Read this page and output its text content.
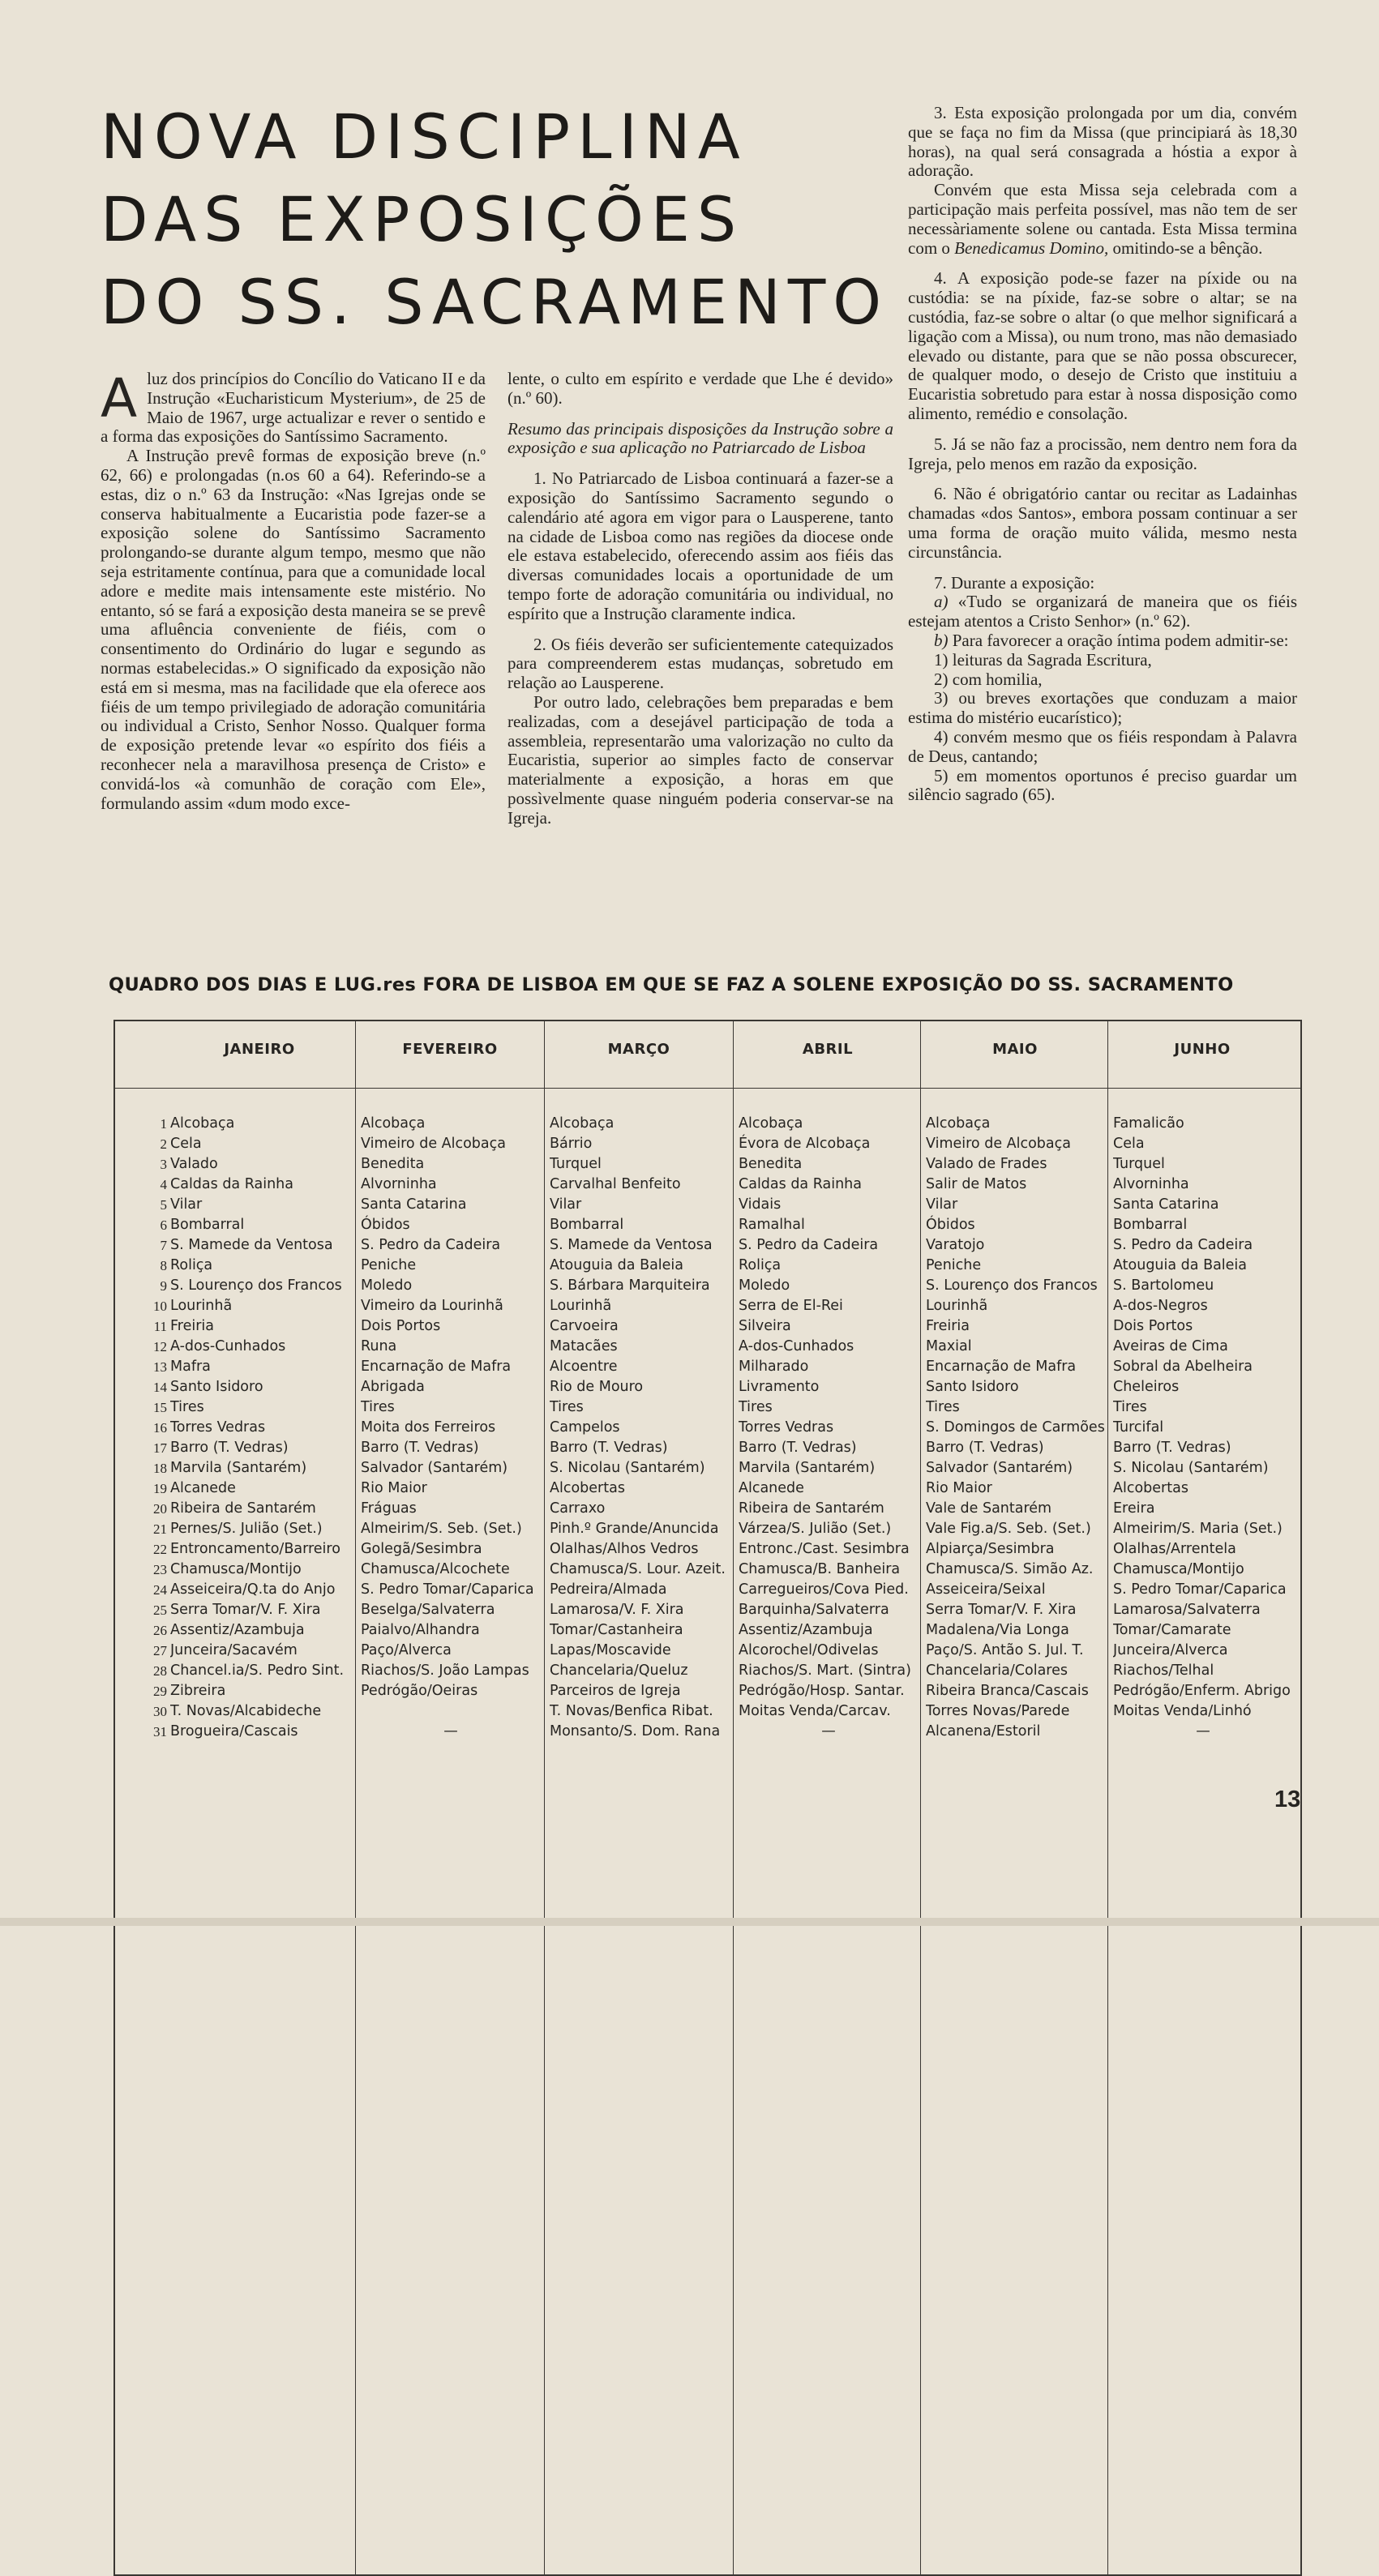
NOVA DISCIPLINA
DAS EXPOSIÇÕES
DO SS. SACRAMENTO
A luz dos princípios do Concílio do Vaticano II e da Instrução «Eucharisticum Mysterium», de 25 de Maio de 1967, urge actualizar e rever o sentido e a forma das exposições do Santíssimo Sacramento.

A Instrução prevê formas de exposição breve (n.º 62, 66) e prolongadas (n.os 60 a 64). Referindo-se a estas, diz o n.º 63 da Instrução: «Nas Igrejas onde se conserva habitualmente a Eucaristia pode fazer-se a exposição solene do Santíssimo Sacramento prolongando-se durante algum tempo, mesmo que não seja estritamente contínua, para que a comunidade local adore e medite mais intensamente este mistério. No entanto, só se fará a exposição desta maneira se se prevê uma afluência conveniente de fiéis, com o consentimento do Ordinário do lugar e segundo as normas estabelecidas.» O significado da exposição não está em si mesma, mas na facilidade que ela oferece aos fiéis de um tempo privilegiado de adoração comunitária ou individual a Cristo, Senhor Nosso. Qualquer forma de exposição pretende levar «o espírito dos fiéis a reconhecer nela a maravilhosa presença de Cristo» e convidá-los «à comunhão de coração com Ele», formulando assim «dum modo exce-

lente, o culto em espírito e verdade que Lhe é devido» (n.º 60).

Resumo das principais disposições da Instrução sobre a exposição e sua aplicação no Patriarcado de Lisboa

1. No Patriarcado de Lisboa continuará a fazer-se a exposição do Santíssimo Sacramento segundo o calendário até agora em vigor para o Lausperene, tanto na cidade de Lisboa como nas regiões da diocese onde ele estava estabelecido, oferecendo assim aos fiéis das diversas comunidades locais a oportunidade de um tempo forte de adoração comunitária ou individual, no espírito que a Instrução claramente indica.

2. Os fiéis deverão ser suficientemente catequizados para compreenderem estas mudanças, sobretudo em relação ao Lausperene.

Por outro lado, celebrações bem preparadas e bem realizadas, com a desejável participação de toda a assembleia, representarão uma valorização no culto da Eucaristia, superior ao simples facto de conservar materialmente a exposição, a horas em que possìvelmente quase ninguém poderia conservar-se na Igreja.

3. Esta exposição prolongada por um dia, convém que se faça no fim da Missa (que principiará às 18,30 horas), na qual será consagrada a hóstia a expor à adoração.

Convém que esta Missa seja celebrada com a participação mais perfeita possível, mas não tem de ser necessàriamente solene ou cantada. Esta Missa termina com o Benedicamus Domino, omitindo-se a bênção.

4. A exposição pode-se fazer na píxide ou na custódia: se na píxide, faz-se sobre o altar; se na custódia, faz-se sobre o altar (o que melhor significará a ligação com a Missa), ou num trono, mas não demasiado elevado ou distante, para que se não possa obscurecer, de qualquer modo, o desejo de Cristo que instituiu a Eucaristia sobretudo para estar à nossa disposição como alimento, remédio e consolação.

5. Já se não faz a procissão, nem dentro nem fora da Igreja, pelo menos em razão da exposição.

6. Não é obrigatório cantar ou recitar as Ladainhas chamadas «dos Santos», embora possam continuar a ser uma forma de oração muito válida, mesmo nesta circunstância.

7. Durante a exposição:

a) «Tudo se organizará de maneira que os fiéis estejam atentos a Cristo Senhor» (n.º 62).

b) Para favorecer a oração íntima podem admitir-se:

1) leituras da Sagrada Escritura,

2) com homilia,

3) ou breves exortações que conduzam a maior estima do mistério eucarístico);

4) convém mesmo que os fiéis respondam à Palavra de Deus, cantando;

5) em momentos oportunos é preciso guardar um silêncio sagrado (65).

QUADRO DOS DIAS E LUG.res FORA DE LISBOA EM QUE SE FAZ A SOLENE EXPOSIÇÃO DO SS. SACRAMENTO
1
2
3
4
5
6
7
8
9
10
11
12
13
14
15
16
17
18
19
20
21
22
23
24
25
26
27
28
29
30
31
JANEIRO
Alcobaça
Cela
Valado
Caldas da Rainha
Vilar
Bombarral
S. Mamede da Ventosa
Roliça
S. Lourenço dos Francos
Lourinhã
Freiria
A-dos-Cunhados
Mafra
Santo Isidoro
Tires
Torres Vedras
Barro (T. Vedras)
Marvila (Santarém)
Alcanede
Ribeira de Santarém
Pernes/S. Julião (Set.)
Entroncamento/Barreiro
Chamusca/Montijo
Asseiceira/Q.ta do Anjo
Serra Tomar/V. F. Xira
Assentiz/Azambuja
Junceira/Sacavém
Chancel.ia/S. Pedro Sint.
Zibreira
T. Novas/Alcabideche
Brogueira/Cascais
FEVEREIRO
Alcobaça
Vimeiro de Alcobaça
Benedita
Alvorninha
Santa Catarina
Óbidos
S. Pedro da Cadeira
Peniche
Moledo
Vimeiro da Lourinhã
Dois Portos
Runa
Encarnação de Mafra
Abrigada
Tires
Moita dos Ferreiros
Barro (T. Vedras)
Salvador (Santarém)
Rio Maior
Fráguas
Almeirim/S. Seb. (Set.)
Golegã/Sesimbra
Chamusca/Alcochete
S. Pedro Tomar/Caparica
Beselga/Salvaterra
Paialvo/Alhandra
Paço/Alverca
Riachos/S. João Lampas
Pedrógão/Oeiras
—
MARÇO
Alcobaça
Bárrio
Turquel
Carvalhal Benfeito
Vilar
Bombarral
S. Mamede da Ventosa
Atouguia da Baleia
S. Bárbara Marquiteira
Lourinhã
Carvoeira
Matacães
Alcoentre
Rio de Mouro
Tires
Campelos
Barro (T. Vedras)
S. Nicolau (Santarém)
Alcobertas
Carraxo
Pinh.º Grande/Anuncida
Olalhas/Alhos Vedros
Chamusca/S. Lour. Azeit.
Pedreira/Almada
Lamarosa/V. F. Xira
Tomar/Castanheira
Lapas/Moscavide
Chancelaria/Queluz
Parceiros de Igreja
T. Novas/Benfica Ribat.
Monsanto/S. Dom. Rana
ABRIL
Alcobaça
Évora de Alcobaça
Benedita
Caldas da Rainha
Vidais
Ramalhal
S. Pedro da Cadeira
Roliça
Moledo
Serra de El-Rei
Silveira
A-dos-Cunhados
Milharado
Livramento
Tires
Torres Vedras
Barro (T. Vedras)
Marvila (Santarém)
Alcanede
Ribeira de Santarém
Várzea/S. Julião (Set.)
Entronc./Cast. Sesimbra
Chamusca/B. Banheira
Carregueiros/Cova Pied.
Barquinha/Salvaterra
Assentiz/Azambuja
Alcorochel/Odivelas
Riachos/S. Mart. (Sintra)
Pedrógão/Hosp. Santar.
Moitas Venda/Carcav.
—
MAIO
Alcobaça
Vimeiro de Alcobaça
Valado de Frades
Salir de Matos
Vilar
Óbidos
Varatojo
Peniche
S. Lourenço dos Francos
Lourinhã
Freiria
Maxial
Encarnação de Mafra
Santo Isidoro
Tires
S. Domingos de Carmões
Barro (T. Vedras)
Salvador (Santarém)
Rio Maior
Vale de Santarém
Vale Fig.a/S. Seb. (Set.)
Alpiarça/Sesimbra
Chamusca/S. Simão Az.
Asseiceira/Seixal
Serra Tomar/V. F. Xira
Madalena/Via Longa
Paço/S. Antão S. Jul. T.
Chancelaria/Colares
Ribeira Branca/Cascais
Torres Novas/Parede
Alcanena/Estoril
JUNHO
Famalicão
Cela
Turquel
Alvorninha
Santa Catarina
Bombarral
S. Pedro da Cadeira
Atouguia da Baleia
S. Bartolomeu
A-dos-Negros
Dois Portos
Aveiras de Cima
Sobral da Abelheira
Cheleiros
Tires
Turcifal
Barro (T. Vedras)
S. Nicolau (Santarém)
Alcobertas
Ereira
Almeirim/S. Maria (Set.)
Olalhas/Arrentela
Chamusca/Montijo
S. Pedro Tomar/Caparica
Lamarosa/Salvaterra
Tomar/Camarate
Junceira/Alverca
Riachos/Telhal
Pedrógão/Enferm. Abrigo
Moitas Venda/Linhó
—

13
